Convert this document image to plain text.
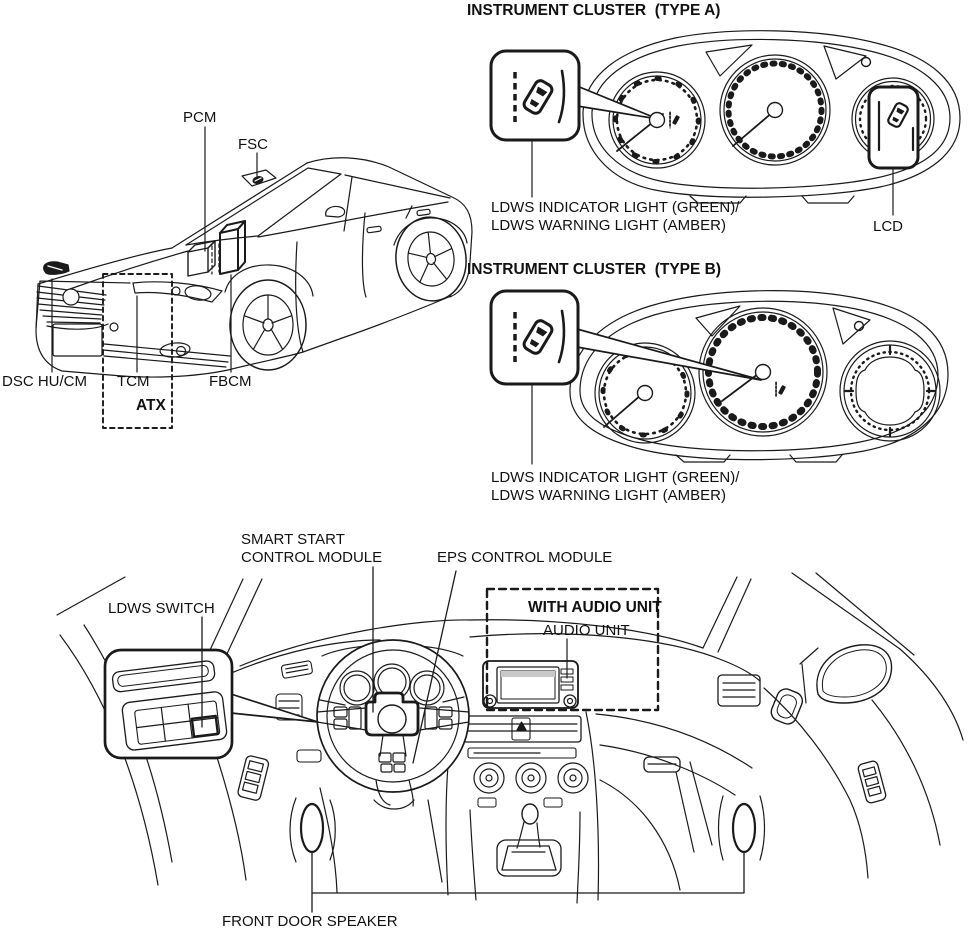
INSTRUMENT CLUSTER  (TYPE A)
LDWS INDICATOR LIGHT (GREEN)/
LDWS WARNING LIGHT (AMBER)	LCD
INSTRUMENT CLUSTER  (TYPE B)
LDWS INDICATOR LIGHT (GREEN)/
LDWS WARNING LIGHT (AMBER)
PCM
FSC
DSC HU/CM TCM	FBCM
ATX
SMART START
CONTROL MODULE	EPS CONTROL MODULE
LDWS SWITCH	WITH AUDIO UNIT
AUDIO UNIT
FRONT DOOR SPEAKER
